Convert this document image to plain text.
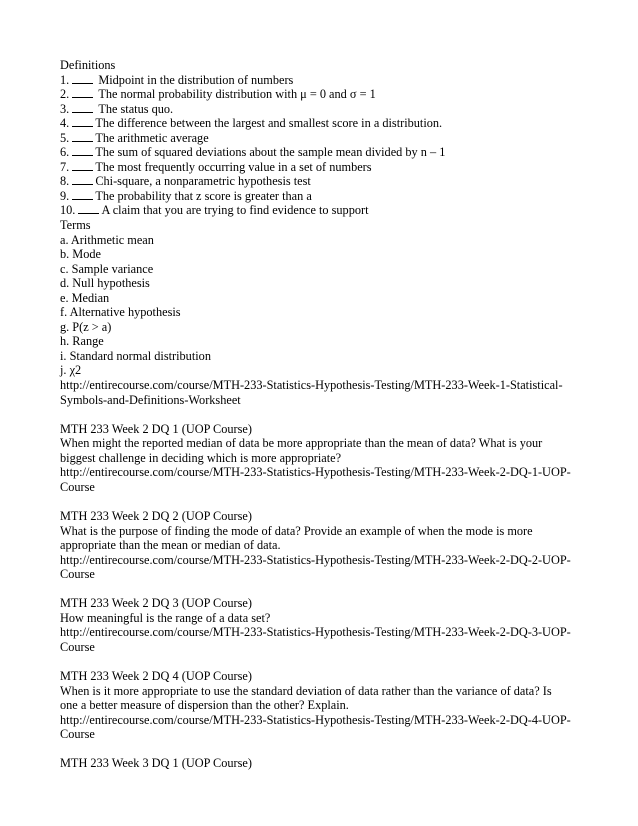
Definitions
1. Midpoint in the distribution of numbers
2. The normal probability distribution with μ = 0 and σ = 1
3. The status quo.
4. The difference between the largest and smallest score in a distribution.
5. The arithmetic average
6. The sum of squared deviations about the sample mean divided by n – 1
7. The most frequently occurring value in a set of numbers
8. Chi-square, a nonparametric hypothesis test
9. The probability that z score is greater than a
10. A claim that you are trying to find evidence to support
Terms
a. Arithmetic mean
b. Mode
c. Sample variance
d. Null hypothesis
e. Median
f. Alternative hypothesis
g. P(z > a)
h. Range
i. Standard normal distribution
j. χ2
http://entirecourse.com/course/MTH-233-Statistics-Hypothesis-Testing/MTH-233-Week-1-Statistical-
Symbols-and-Definitions-Worksheet
MTH 233 Week 2 DQ 1 (UOP Course)
When might the reported median of data be more appropriate than the mean of data? What is your
biggest challenge in deciding which is more appropriate?
http://entirecourse.com/course/MTH-233-Statistics-Hypothesis-Testing/MTH-233-Week-2-DQ-1-UOP-
Course
MTH 233 Week 2 DQ 2 (UOP Course)
What is the purpose of finding the mode of data? Provide an example of when the mode is more
appropriate than the mean or median of data.
http://entirecourse.com/course/MTH-233-Statistics-Hypothesis-Testing/MTH-233-Week-2-DQ-2-UOP-
Course
MTH 233 Week 2 DQ 3 (UOP Course)
How meaningful is the range of a data set?
http://entirecourse.com/course/MTH-233-Statistics-Hypothesis-Testing/MTH-233-Week-2-DQ-3-UOP-
Course
MTH 233 Week 2 DQ 4 (UOP Course)
When is it more appropriate to use the standard deviation of data rather than the variance of data? Is
one a better measure of dispersion than the other? Explain.
http://entirecourse.com/course/MTH-233-Statistics-Hypothesis-Testing/MTH-233-Week-2-DQ-4-UOP-
Course
MTH 233 Week 3 DQ 1 (UOP Course)
